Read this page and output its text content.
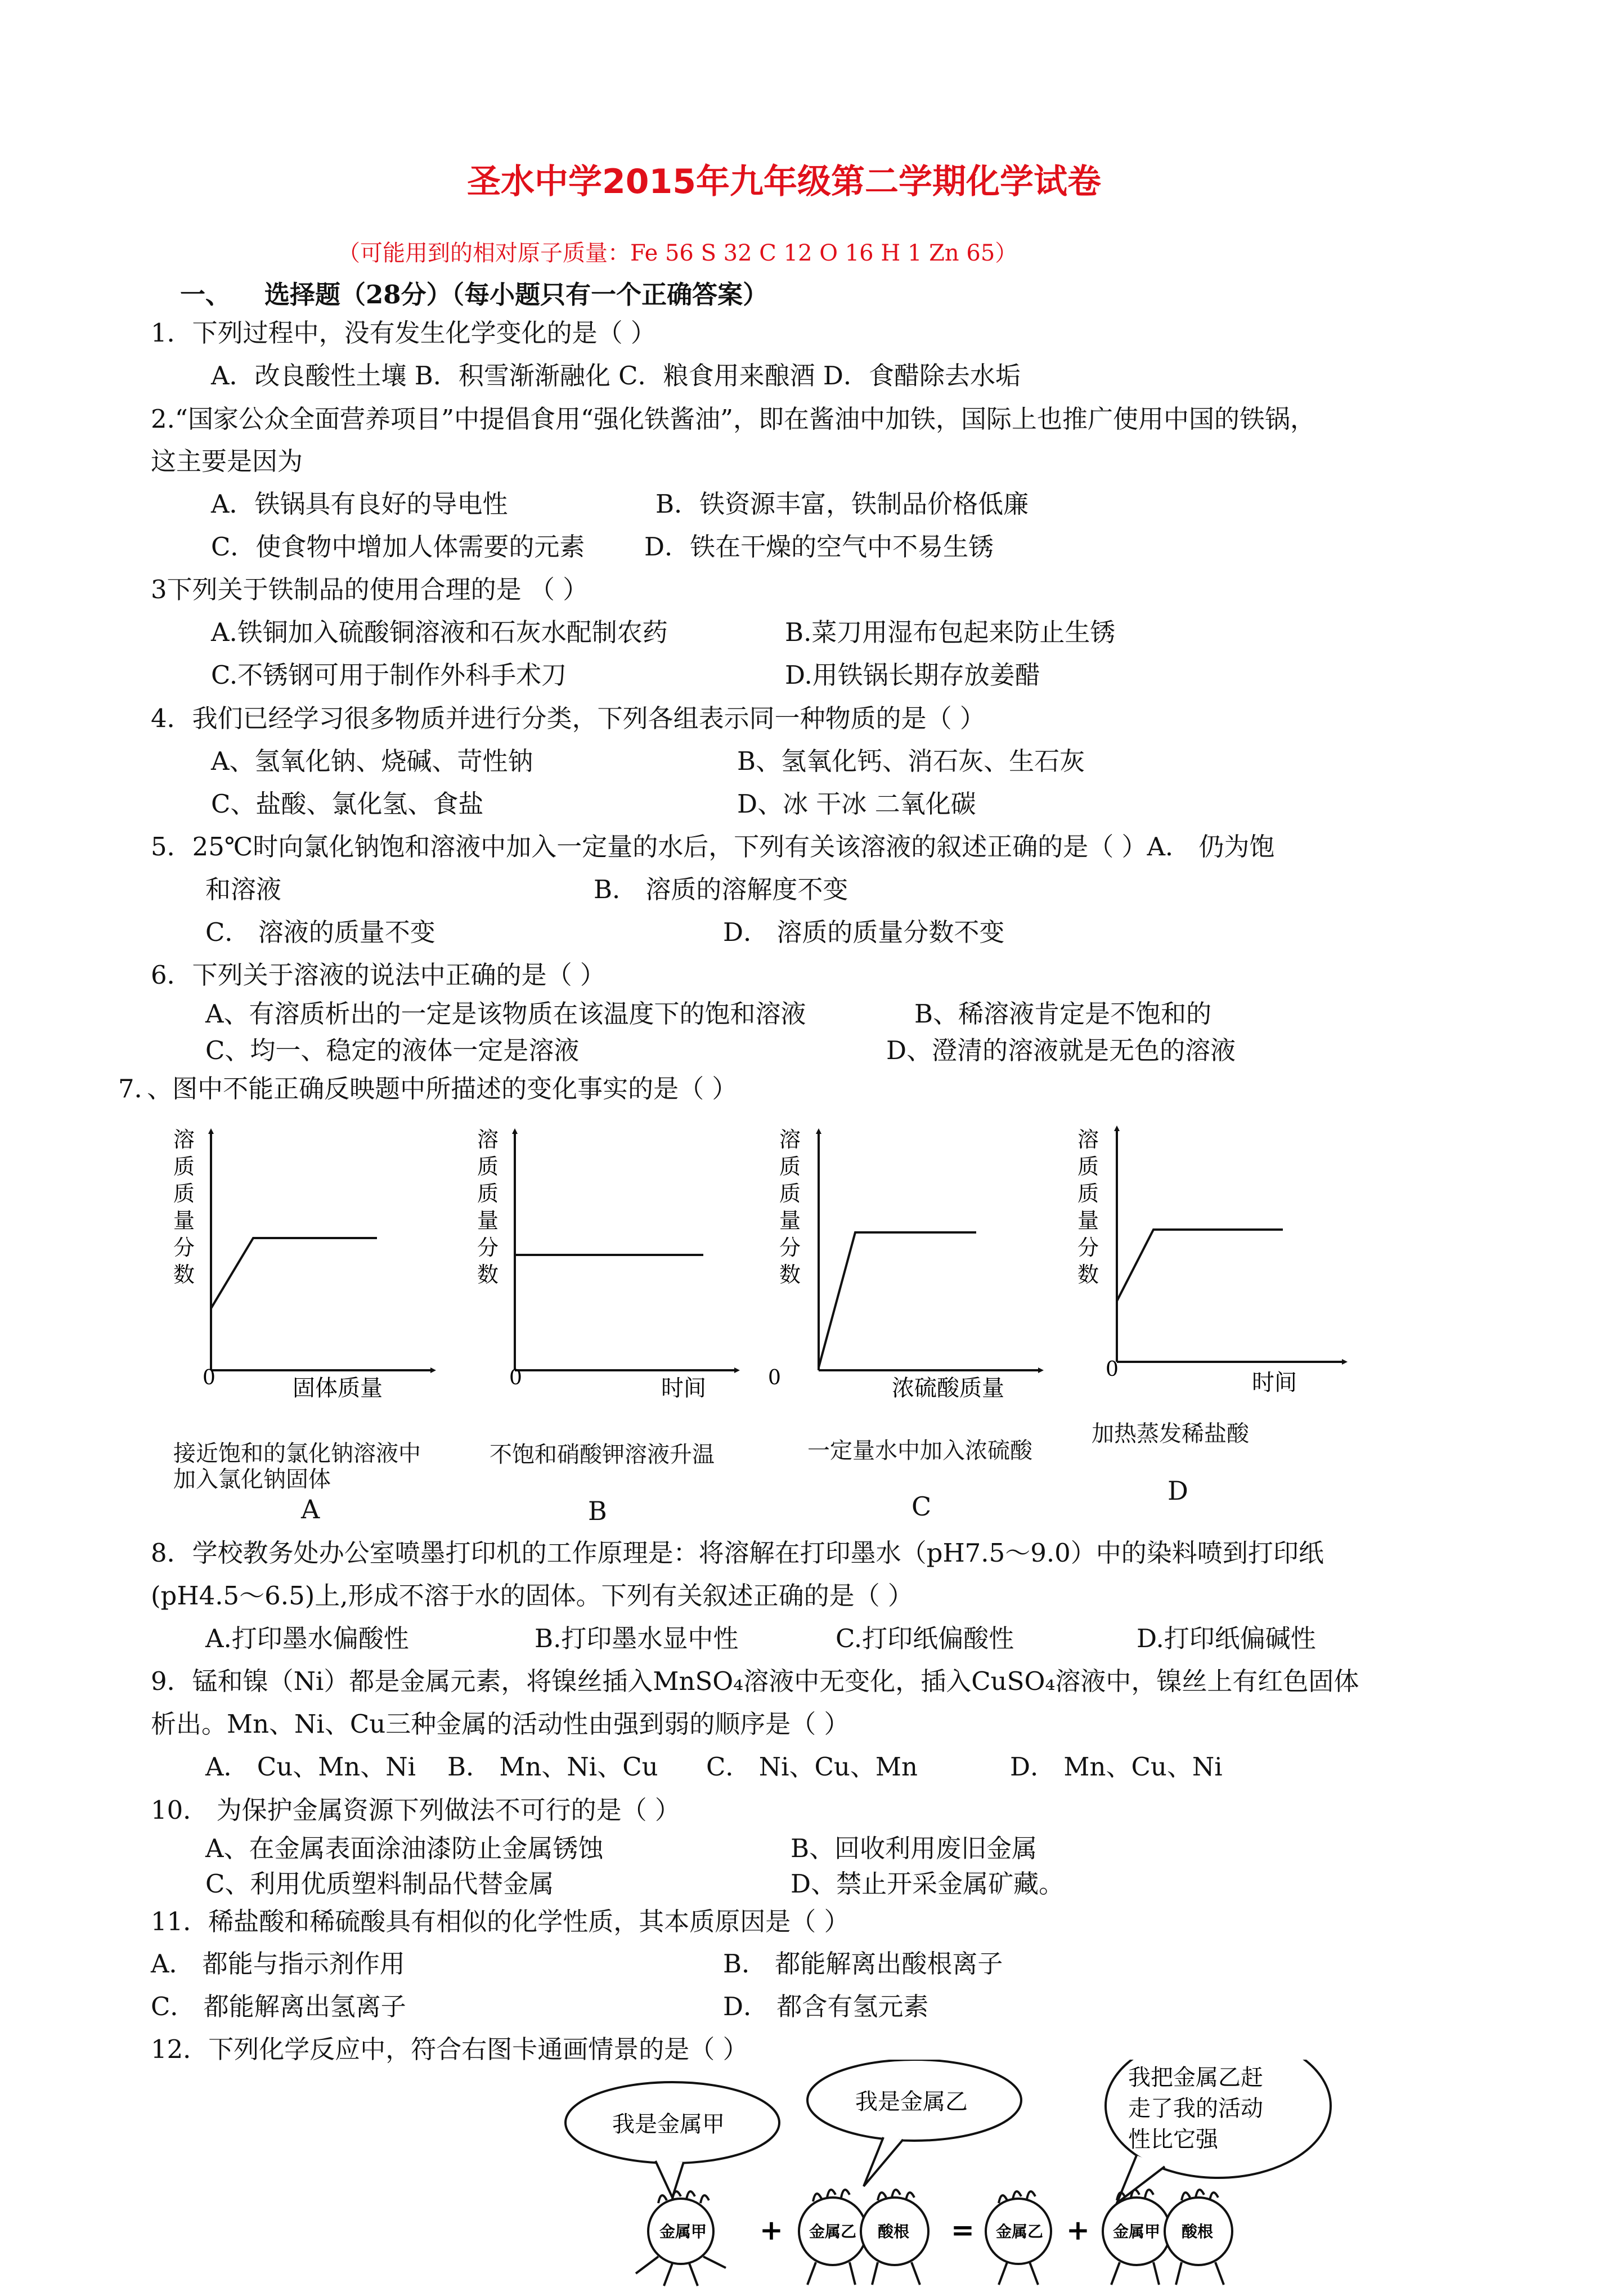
圣水中学2015年九年级第二学期化学试卷
（可能用到的相对原子质量：Fe 56 S 32 C 12 O 16 H 1 Zn 65）
一、 选择题（28分）（每小题只有一个正确答案）
1．下列过程中，没有发生化学变化的是（ ）
A．改良酸性土壤 B．积雪渐渐融化 C．粮食用来酿酒 D．食醋除去水垢
2.“国家公众全面营养项目”中提倡食用“强化铁酱油”，即在酱油中加铁，国际上也推广使用中国的铁锅，
这主要是因为
A．铁锅具有良好的导电性	B．铁资源丰富，铁制品价格低廉
C．使食物中增加人体需要的元素 D．铁在干燥的空气中不易生锈
3下列关于铁制品的使用合理的是 （ ）
A.铁铜加入硫酸铜溶液和石灰水配制农药	B.菜刀用湿布包起来防止生锈
C.不锈钢可用于制作外科手术刀	D.用铁锅长期存放姜醋
4．我们已经学习很多物质并进行分类，下列各组表示同一种物质的是（ ）
A、氢氧化钠、烧碱、苛性钠	B、氢氧化钙、消石灰、生石灰
C、盐酸、氯化氢、食盐	D、冰 干冰 二氧化碳
5．25℃时向氯化钠饱和溶液中加入一定量的水后，下列有关该溶液的叙述正确的是（ ）A． 仍为饱
和溶液	B． 溶质的溶解度不变
C． 溶液的质量不变	D． 溶质的质量分数不变
6．下列关于溶液的说法中正确的是（ ）
A、有溶质析出的一定是该物质在该温度下的饱和溶液	B、稀溶液肯定是不饱和的
C、均一、稳定的液体一定是溶液	D、澄清的溶液就是无色的溶液
7．、图中不能正确反映题中所描述的变化事实的是（ ）
溶
质
质
量
分
数
0	固体质量
溶
质
质
量
分
数
0	时间
溶
质
质
量
分
数
0	浓硫酸质量
溶
质
质
量
分
数
0
时间
接近饱和的氯化钠溶液中加入氯化钠固体
A
不饱和硝酸钾溶液升温
B
一定量水中加入浓硫酸
C
加热蒸发稀盐酸
D
8．学校教务处办公室喷墨打印机的工作原理是：将溶解在打印墨水（pH7.5～9.0）中的染料喷到打印纸
(pH4.5～6.5)上,形成不溶于水的固体。下列有关叙述正确的是（ ）
A.打印墨水偏酸性	B.打印墨水显中性	C.打印纸偏酸性	D.打印纸偏碱性
9．锰和镍（Ni）都是金属元素，将镍丝插入MnSO₄溶液中无变化，插入CuSO₄溶液中，镍丝上有红色固体
析出。Mn、Ni、Cu三种金属的活动性由强到弱的顺序是（ ）
A． Cu、Mn、Ni B． Mn、Ni、Cu C． Ni、Cu、Mn	D． Mn、Cu、Ni
10． 为保护金属资源下列做法不可行的是（ ）
A、在金属表面涂油漆防止金属锈蚀	B、回收利用废旧金属
C、利用优质塑料制品代替金属	D、禁止开采金属矿藏。
11．稀盐酸和稀硫酸具有相似的化学性质，其本质原因是（ ）
A． 都能与指示剂作用	B． 都能解离出酸根离子
C． 都能解离出氢离子	D． 都含有氢元素
12．下列化学反应中，符合右图卡通画情景的是（ ）
我是金属甲
我是金属乙
我把金属乙赶
走了我的活动
性比它强
金属甲 + 金属乙 酸根 = 金属乙 + 金属甲 酸根
